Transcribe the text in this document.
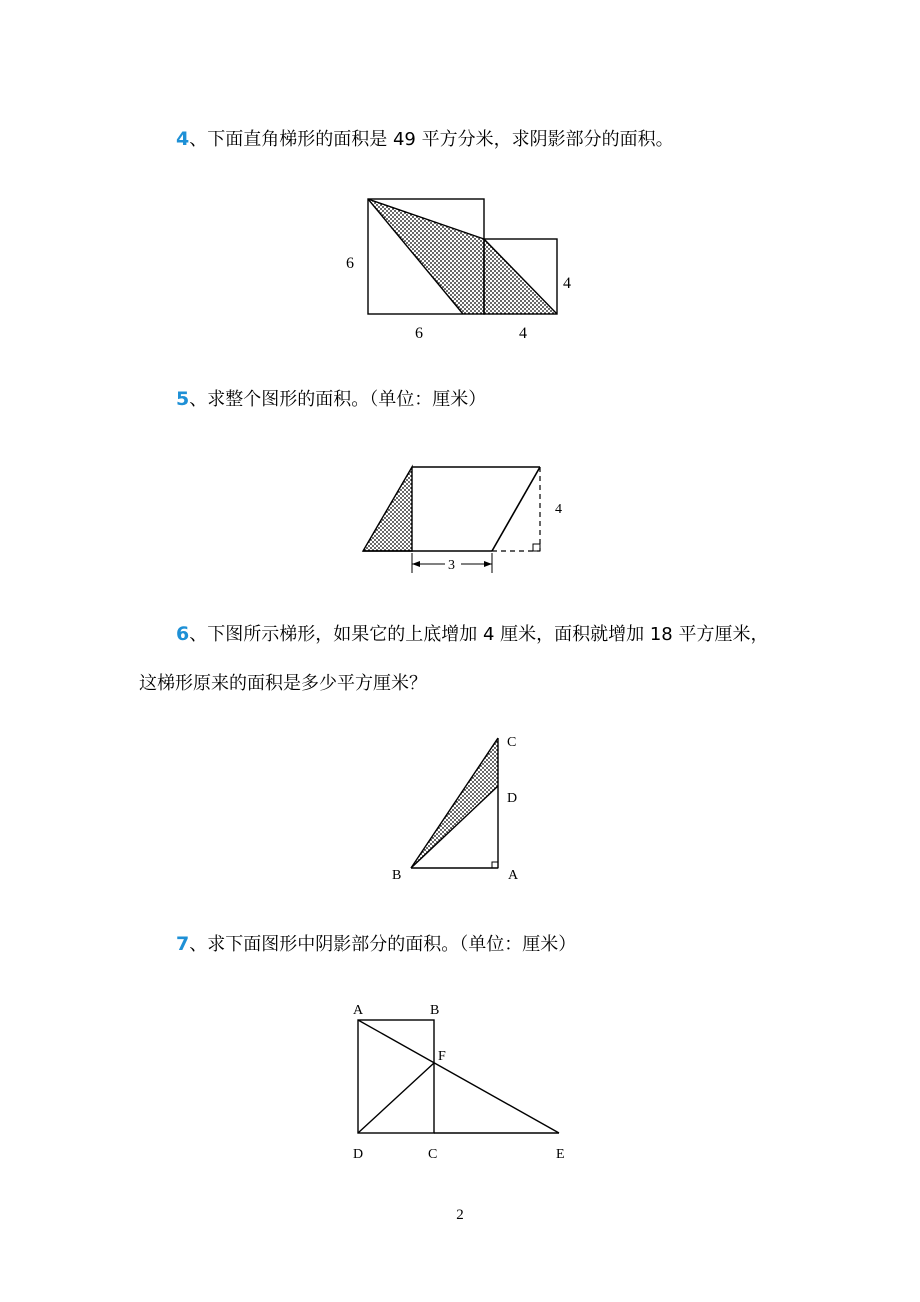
4、下面直角梯形的面积是 49 平方分米，求阴影部分的面积。
6
4
6	4
5、求整个图形的面积。（单位：厘米）
3
4
6、下图所示梯形，如果它的上底增加 4 厘米，面积就增加 18 平方厘米，
这梯形原来的面积是多少平方厘米？
C
D
B	A
7、求下面图形中阴影部分的面积。（单位：厘米）
A	B
F
D	C	E
2
